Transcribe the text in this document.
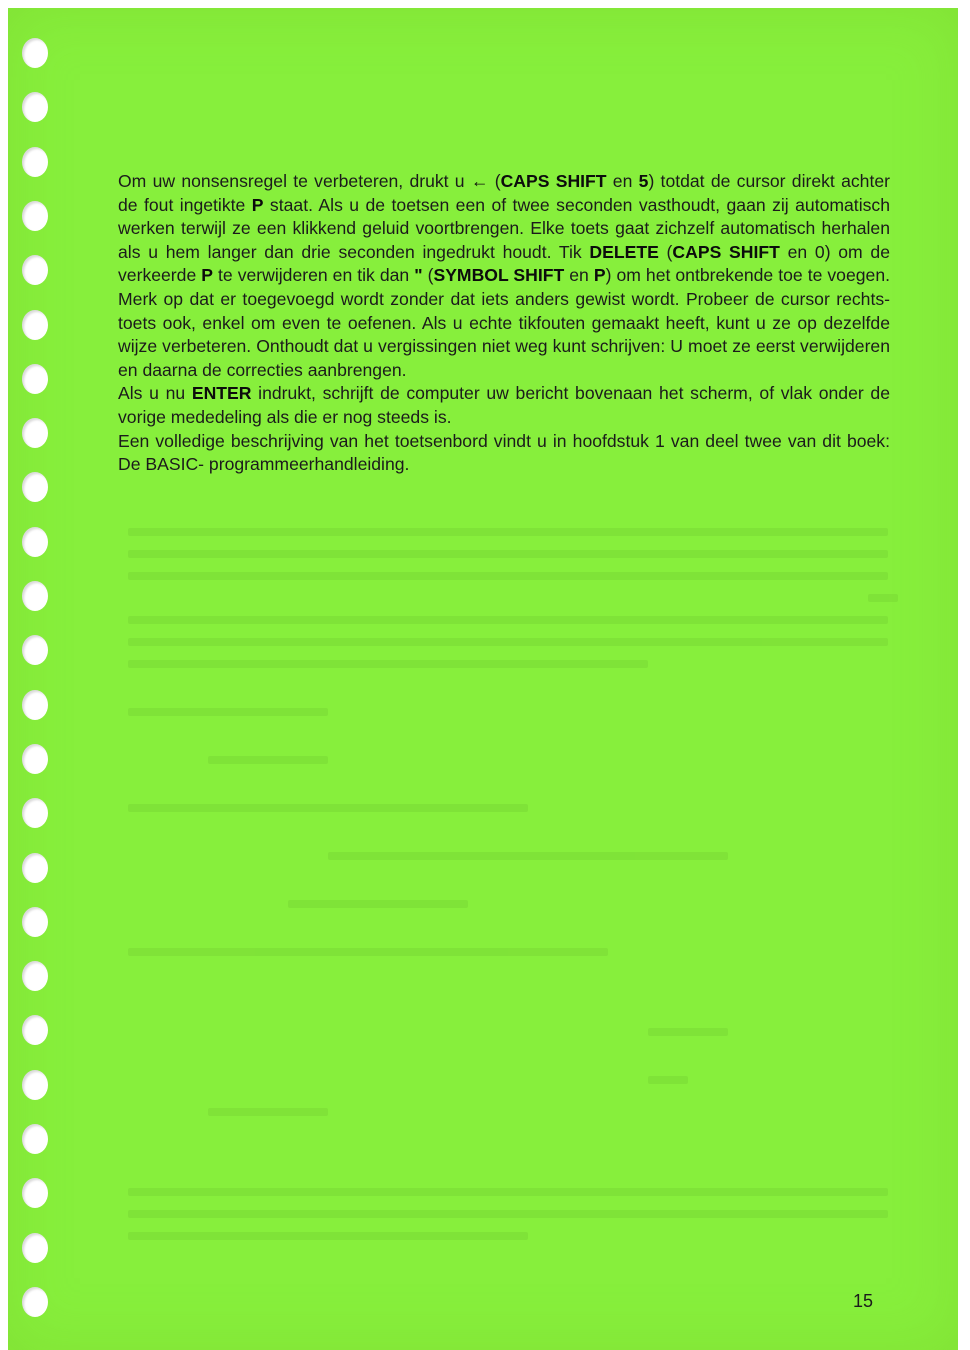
Om uw nonsensregel te verbeteren, drukt u ← (CAPS SHIFT en 5) totdat de cursor direkt achter de fout ingetikte P staat. Als u de toetsen een of twee seconden vasthoudt, gaan zij automatisch werken terwijl ze een klikkend geluid voortbrengen. Elke toets gaat zichzelf automatisch herhalen als u hem langer dan drie seconden ingedrukt houdt. Tik DELETE (CAPS SHIFT en 0) om de verkeerde P te verwijderen en tik dan " (SYMBOL SHIFT en P) om het ontbrekende toe te voegen. Merk op dat er toegevoegd wordt zonder dat iets anders gewist wordt. Probeer de cursor rechts-toets ook, enkel om even te oefenen. Als u echte tikfouten gemaakt heeft, kunt u ze op dezelfde wijze verbeteren. Onthoudt dat u vergissingen niet weg kunt schrijven: U moet ze eerst verwijderen en daarna de correcties aanbrengen.

Als u nu ENTER indrukt, schrijft de computer uw bericht bovenaan het scherm, of vlak onder de vorige mededeling als die er nog steeds is.

Een volledige beschrijving van het toetsenbord vindt u in hoofdstuk 1 van deel twee van dit boek: De BASIC- programmeerhandleiding.

15
